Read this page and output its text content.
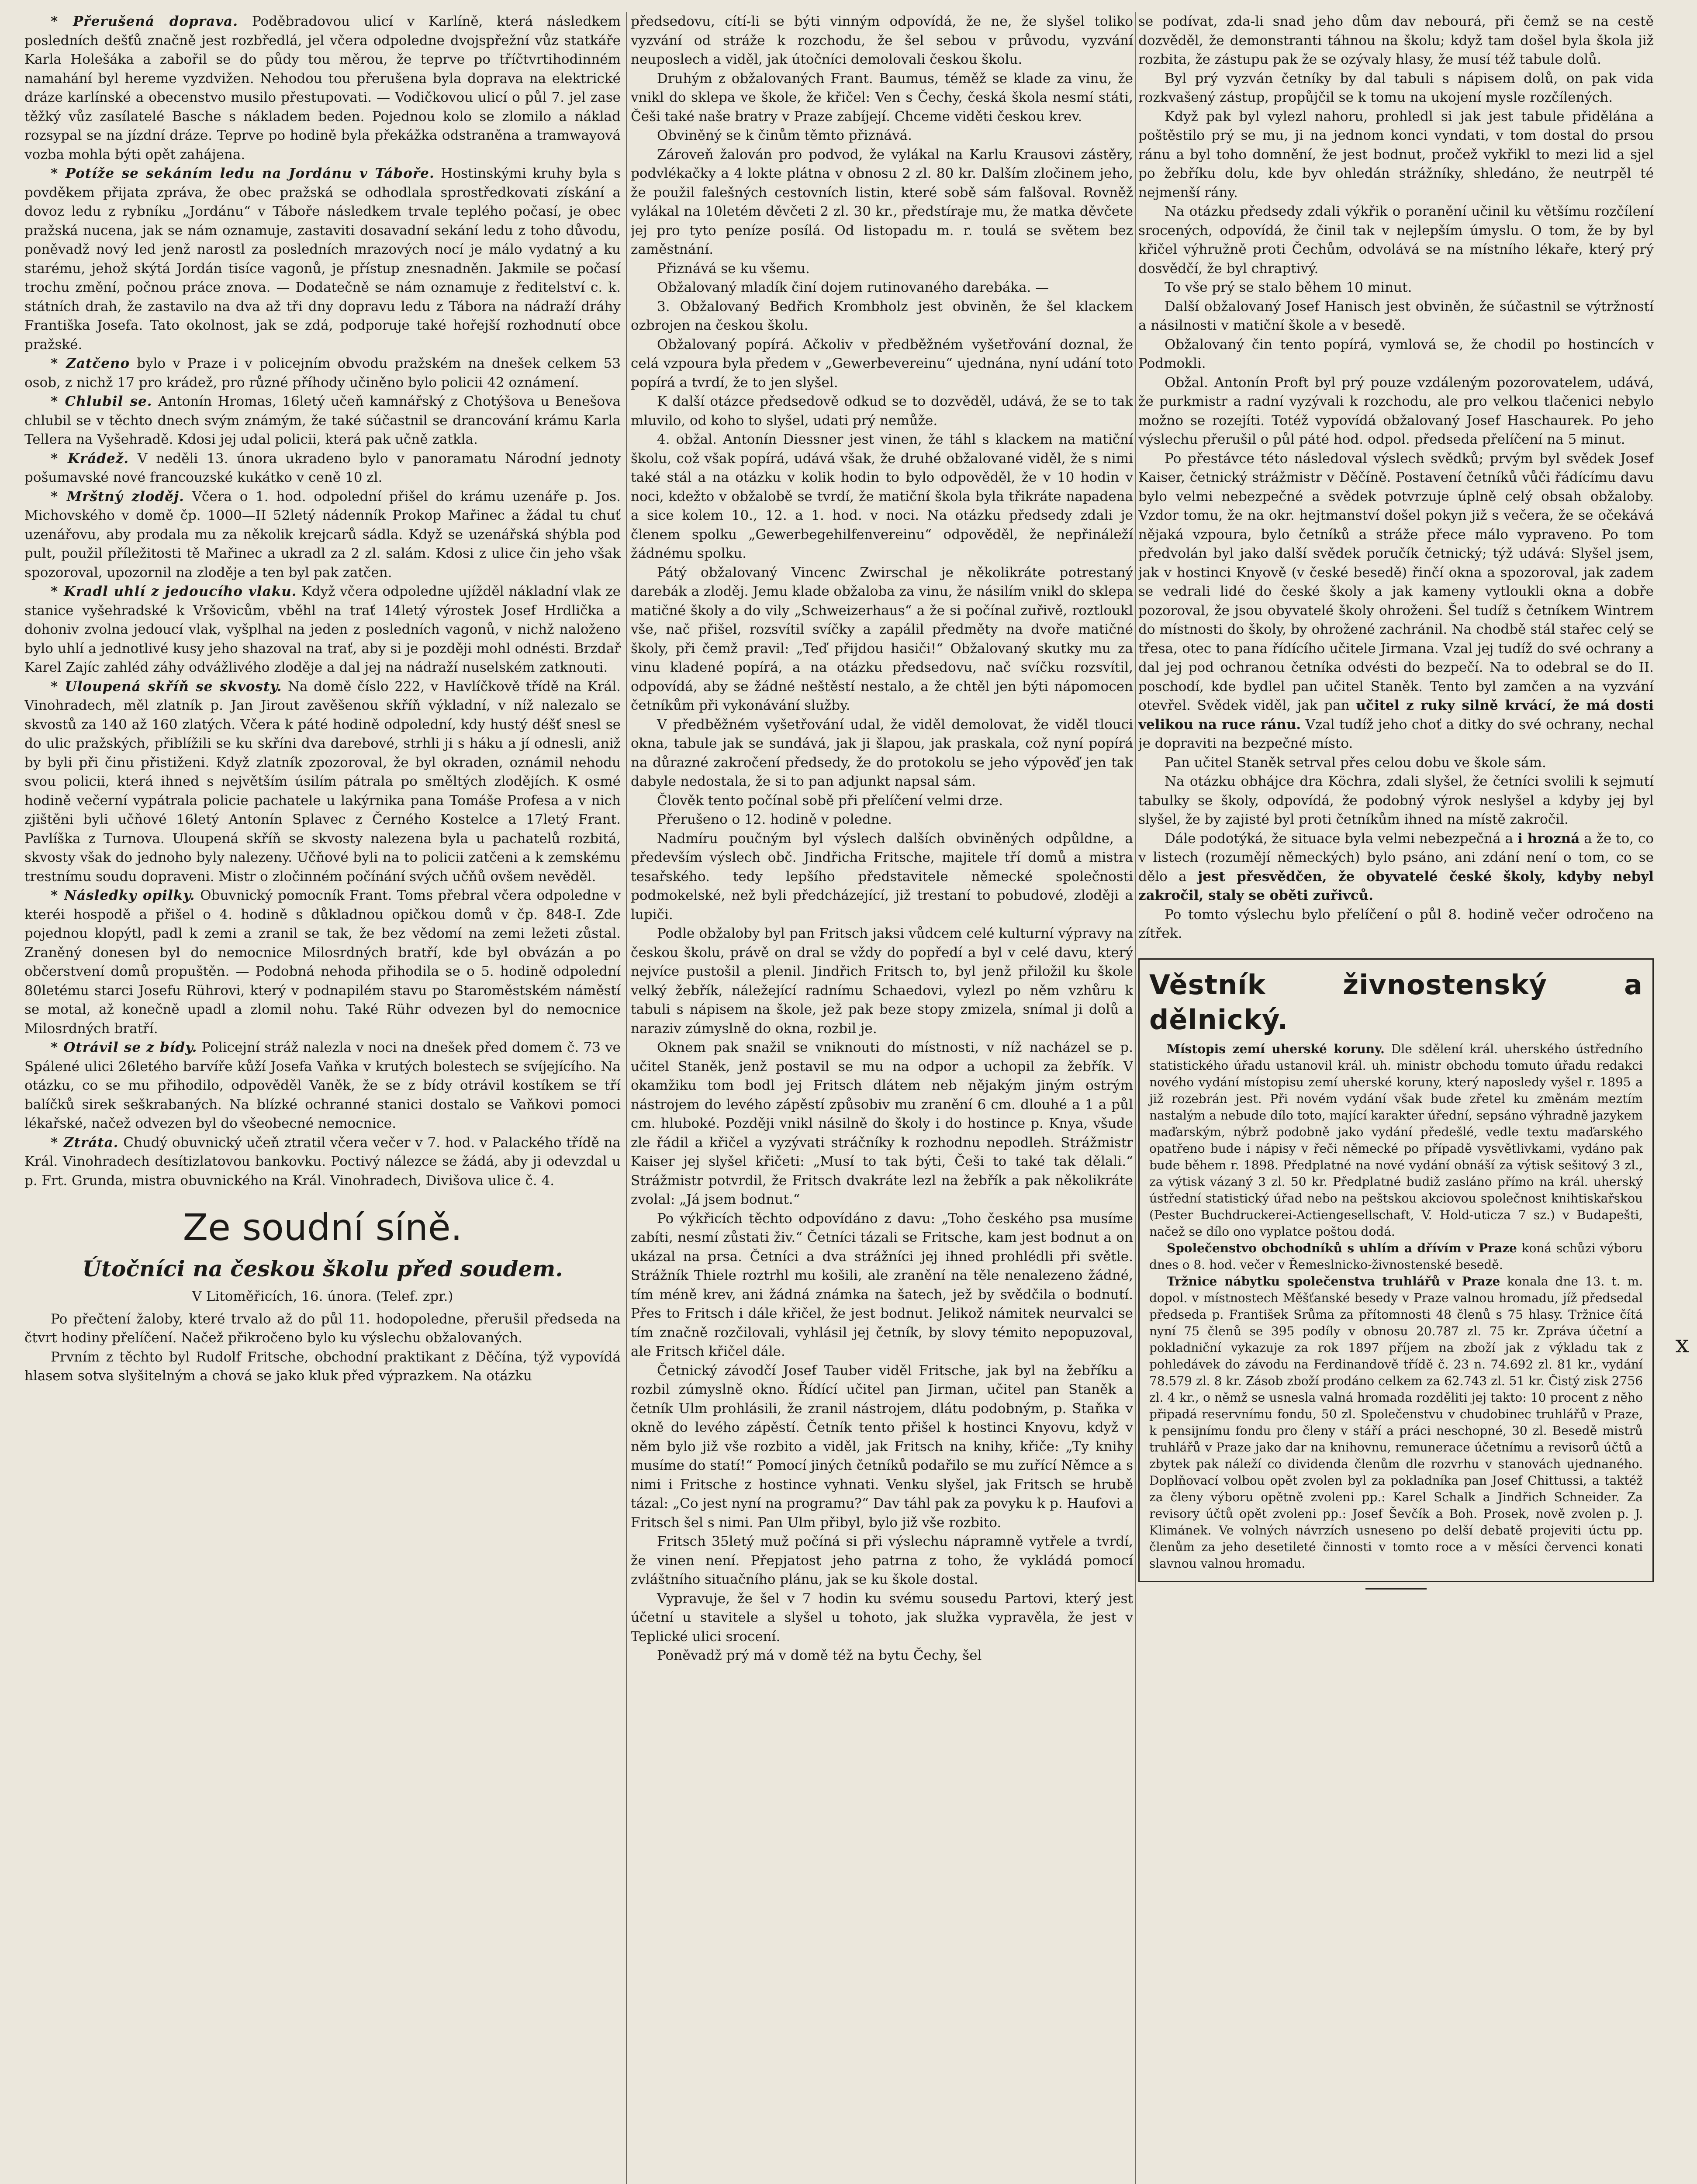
* Přerušená doprava. Poděbradovou ulicí v Karlíně, která následkem posledních dešťů značně jest rozbředlá, jel včera odpoledne dvojspřežní vůz statkáře Karla Holešáka a zabořil se do půdy tou měrou, že teprve po tříčtvrtihodinném namahání byl hereme vyzdvižen. Nehodou tou přerušena byla doprava na elektrické dráze karlínské a obecenstvo musilo přestupovati. — Vodičkovou ulicí o půl 7. jel zase těžký vůz zasílatelé Basche s nákladem beden. Pojednou kolo se zlomilo a náklad rozsypal se na jízdní dráze. Teprve po hodině byla překážka odstraněna a tramwayová vozba mohla býti opět zahájena.

* Potíže se sekáním ledu na Jordánu v Táboře. Hostinskými kruhy byla s povděkem přijata zpráva, že obec pražská se odhodlala sprostředkovati získání a dovoz ledu z rybníku „Jordánu“ v Táboře následkem trvale teplého počasí, je obec pražská nucena, jak se nám oznamuje, zastaviti dosavadní sekání ledu z toho důvodu, poněvadž nový led jenž narostl za posledních mrazových nocí je málo vydatný a ku starému, jehož skýtá Jordán tisíce vagonů, je přístup znesnadněn. Jakmile se počasí trochu změní, počnou práce znova. — Dodatečně se nám oznamuje z ředitelství c. k. státních drah, že zastavilo na dva až tři dny dopravu ledu z Tábora na nádraží dráhy Františka Josefa. Tato okolnost, jak se zdá, podporuje také hořejší rozhodnutí obce pražské.

* Zatčeno bylo v Praze i v policejním obvodu pražském na dnešek celkem 53 osob, z nichž 17 pro krádež, pro různé příhody učiněno bylo policii 42 oznámení.

* Chlubil se. Antonín Hromas, 16letý učeň kamnářský z Chotýšova u Benešova chlubil se v těchto dnech svým známým, že také súčastnil se drancování krámu Karla Tellera na Vyšehradě. Kdosi jej udal policii, která pak učně zatkla.

* Krádež. V neděli 13. února ukradeno bylo v panoramatu Národní jednoty pošumavské nové francouzské kukátko v ceně 10 zl.

* Mrštný zloděj. Včera o 1. hod. odpolední přišel do krámu uzenáře p. Jos. Michovského v domě čp. 1000—II 52letý nádenník Prokop Mařinec a žádal tu chuť uzenářovu, aby prodala mu za několik krejcarů sádla. Když se uzenářská shýbla pod pult, použil příležitosti tě Mařinec a ukradl za 2 zl. salám. Kdosi z ulice čin jeho však spozoroval, upozornil na zloděje a ten byl pak zatčen.

* Kradl uhlí z jedoucího vlaku. Když včera odpoledne ujížděl nákladní vlak ze stanice vyšehradské k Vršovicům, vběhl na trať 14letý výrostek Josef Hrdlička a dohoniv zvolna jedoucí vlak, vyšplhal na jeden z posledních vagonů, v nichž naloženo bylo uhlí a jednotlivé kusy jeho shazoval na trať, aby si je později mohl odnésti. Brzdař Karel Zajíc zahléd záhy odvážlivého zloděje a dal jej na nádraží nuselském zatknouti.

* Uloupená skříň se skvosty. Na domě číslo 222, v Havlíčkově třídě na Král. Vinohradech, měl zlatník p. Jan Jirout zavěšenou skříň výkladní, v níž nalezalo se skvostů za 140 až 160 zlatých. Včera k páté hodině odpolední, kdy hustý déšť snesl se do ulic pražských, přiblížili se ku skříni dva darebové, strhli ji s háku a jí odnesli, aniž by byli při činu přistiženi. Když zlatník zpozoroval, že byl okraden, oznámil nehodu svou policii, která ihned s největším úsilím pátrala po směltých zlodějích. K osmé hodině večerní vypátrala policie pachatele u lakýrnika pana Tomáše Profesa a v nich zjištěni byli učňové 16letý Antonín Splavec z Černého Kostelce a 17letý Frant. Pavlíška z Turnova. Uloupená skříň se skvosty nalezena byla u pachatelů rozbitá, skvosty však do jednoho byly nalezeny. Učňové byli na to policii zatčeni a k zemskému trestnímu soudu dopraveni. Mistr o zločinném počínání svých učňů ovšem nevěděl.

* Následky opilky. Obuvnický pomocník Frant. Toms přebral včera odpoledne v kteréi hospodě a přišel o 4. hodině s důkladnou opičkou domů v čp. 848-I. Zde pojednou klopýtl, padl k zemi a zranil se tak, že bez vědomí na zemi ležeti zůstal. Zraněný donesen byl do nemocnice Milosrdných bratří, kde byl obvázán a po občerstvení domů propuštěn. — Podobná nehoda přihodila se o 5. hodině odpolední 80letému starci Josefu Rührovi, který v podnapilém stavu po Staroměstském náměstí se motal, až konečně upadl a zlomil nohu. Také Rühr odvezen byl do nemocnice Milosrdných bratří.

* Otrávil se z bídy. Policejní stráž nalezla v noci na dnešek před domem č. 73 ve Spálené ulici 26letého barvíře kůží Josefa Vaňka v krutých bolestech se svíjejícího. Na otázku, co se mu přihodilo, odpověděl Vaněk, že se z bídy otrávil kostíkem se tří balíčků sirek seškrabaných. Na blízké ochranné stanici dostalo se Vaňkovi pomoci lékařské, načež odvezen byl do všeobecné nemocnice.

* Ztráta. Chudý obuvnický učeň ztratil včera večer v 7. hod. v Palackého třídě na Král. Vinohradech desítizlatovou bankovku. Poctivý nálezce se žádá, aby ji odevzdal u p. Frt. Grunda, mistra obuvnického na Král. Vinohradech, Divišova ulice č. 4.

Ze soudní síně.
Útočníci na českou školu před soudem.
V Litoměřicích, 16. února. (Telef. zpr.)

Po přečtení žaloby, které trvalo až do půl 11. hodopoledne, přerušil předseda na čtvrt hodiny přelíčení. Načež přikročeno bylo ku výslechu obžalovaných.

Prvním z těchto byl Rudolf Fritsche, obchodní praktikant z Děčína, týž vypovídá hlasem sotva slyšitelným a chová se jako kluk před výprazkem. Na otázku

předsedovu, cítí-li se býti vinným odpovídá, že ne, že slyšel toliko vyzvání od stráže k rozchodu, že šel sebou v průvodu, vyzvání neuposlech a viděl, jak útočníci demolovali českou školu.

Druhým z obžalovaných Frant. Baumus, téměž se klade za vinu, že vnikl do sklepa ve škole, že křičel: Ven s Čechy, česká škola nesmí státi, Češi také naše bratry v Praze zabíjejí. Chceme viděti českou krev.

Obviněný se k činům těmto přiznává.

Zároveň žalován pro podvod, že vylákal na Karlu Krausovi zástěry, podvlékačky a 4 lokte plátna v obnosu 2 zl. 80 kr. Dalším zločinem jeho, že použil falešných cestovních listin, které sobě sám falšoval. Rovněž vylákal na 10letém děvčeti 2 zl. 30 kr., předstíraje mu, že matka děvčete jej pro tyto peníze posílá. Od listopadu m. r. toulá se světem bez zaměstnání.

Přiznává se ku všemu.

Obžalovaný mladík činí dojem rutinovaného darebáka. —

3. Obžalovaný Bedřich Krombholz jest obviněn, že šel klackem ozbrojen na českou školu.

Obžalovaný popírá. Ačkoliv v předběžném vyšetřování doznal, že celá vzpoura byla předem v „Gewerbevereinu“ ujednána, nyní udání toto popírá a tvrdí, že to jen slyšel.

K další otázce předsedově odkud se to dozvěděl, udává, že se to tak mluvilo, od koho to slyšel, udati prý nemůže.

4. obžal. Antonín Diessner jest vinen, že táhl s klackem na matiční školu, což však popírá, udává však, že druhé obžalované viděl, že s nimi také stál a na otázku v kolik hodin to bylo odpověděl, že v 10 hodin v noci, kdežto v obžalobě se tvrdí, že matiční škola byla třikráte napadena a sice kolem 10., 12. a 1. hod. v noci. Na otázku předsedy zdali je členem spolku „Gewerbegehilfenvereinu“ odpověděl, že nepřináleží žádnému spolku.

Pátý obžalovaný Vincenc Zwirschal je několikráte potrestaný darebák a zloděj. Jemu klade obžaloba za vinu, že násilím vnikl do sklepa matičné školy a do vily „Schweizerhaus“ a že si počínal zuřivě, roztloukl vše, nač přišel, rozsvítil svíčky a zapálil předměty na dvoře matičné školy, při čemž pravil: „Teď přijdou hasiči!“ Obžalovaný skutky mu za vinu kladené popírá, a na otázku předsedovu, nač svíčku rozsvítil, odpovídá, aby se žádné neštěstí nestalo, a že chtěl jen býti nápomocen četníkům při vykonávání služby.

V předběžném vyšetřování udal, že viděl demolovat, že viděl tlouci okna, tabule jak se sundává, jak ji šlapou, jak praskala, což nyní popírá na důrazné zakročení předsedy, že do protokolu se jeho výpověď jen tak dabyle nedostala, že si to pan adjunkt napsal sám.

Člověk tento počínal sobě při přelíčení velmi drze.

Přerušeno o 12. hodině v poledne.

Nadmíru poučným byl výslech dalších obviněných odpůldne, a především výslech obč. Jindřicha Fritsche, majitele tří domů a mistra tesařského. tedy lepšího představitele německé společnosti podmokelské, než byli předcházející, již trestaní to pobudové, zloději a lupiči.

Podle obžaloby byl pan Fritsch jaksi vůdcem celé kulturní výpravy na českou školu, právě on dral se vždy do popředí a byl v celé davu, který nejvíce pustošil a plenil. Jindřich Fritsch to, byl jenž přiložil ku škole velký žebřík, náležející radnímu Schaedovi, vylezl po něm vzhůru k tabuli s nápisem na škole, jež pak beze stopy zmizela, snímal ji dolů a naraziv zúmyslně do okna, rozbil je.

Oknem pak snažil se vniknouti do místnosti, v níž nacházel se p. učitel Staněk, jenž postavil se mu na odpor a uchopil za žebřík. V okamžiku tom bodl jej Fritsch dlátem neb nějakým jiným ostrým nástrojem do levého zápěstí způsobiv mu zranění 6 cm. dlouhé a 1 a půl cm. hluboké. Později vnikl násilně do školy i do hostince p. Knya, všude zle řádil a křičel a vyzývati stráčníky k rozhodnu nepodleh. Strážmistr Kaiser jej slyšel křičeti: „Musí to tak býti, Češi to také tak dělali.“ Strážmistr potvrdil, že Fritsch dvakráte lezl na žebřík a pak několikráte zvolal: „Já jsem bodnut.“

Po výkřicích těchto odpovídáno z davu: „Toho českého psa musíme zabíti, nesmí zůstati živ.“ Četníci tázali se Fritsche, kam jest bodnut a on ukázal na prsa. Četníci a dva strážníci jej ihned prohlédli při světle. Strážník Thiele roztrhl mu košili, ale zranění na těle nenalezeno žádné, tím méně krev, ani žádná známka na šatech, jež by svědčila o bodnutí. Přes to Fritsch i dále křičel, že jest bodnut. Jelikož námitek neurvalci se tím značně rozčilovali, vyhlásil jej četník, by slovy témito nepopuzoval, ale Fritsch křičel dále.

Četnický závodčí Josef Tauber viděl Fritsche, jak byl na žebříku a rozbil zúmyslně okno. Řídící učitel pan Jirman, učitel pan Staněk a četník Ulm prohlásili, že zranil nástrojem, dlátu podobným, p. Staňka v okně do levého zápěstí. Četník tento přišel k hostinci Knyovu, když v něm bylo již vše rozbito a viděl, jak Fritsch na knihy, křiče: „Ty knihy musíme do statí!“ Pomocí jiných četníků podařilo se mu zuřící Němce a s nimi i Fritsche z hostince vyhnati. Venku slyšel, jak Fritsch se hrubě tázal: „Co jest nyní na programu?“ Dav táhl pak za povyku k p. Haufovi a Fritsch šel s nimi. Pan Ulm přibyl, bylo již vše rozbito.

Fritsch 35letý muž počíná si při výslechu nápramně vytřele a tvrdí, že vinen není. Přepjatost jeho patrna z toho, že vykládá pomocí zvláštního situačního plánu, jak se ku škole dostal.

Vypravuje, že šel v 7 hodin ku svému sousedu Partovi, který jest účetní u stavitele a slyšel u tohoto, jak služka vypravěla, že jest v Teplické ulici srocení.

Poněvadž prý má v domě též na bytu Čechy, šel

se podívat, zda-li snad jeho dům dav nebourá, při čemž se na cestě dozvěděl, že demonstranti táhnou na školu; když tam došel byla škola již rozbita, že zástupu pak že se ozývaly hlasy, že musí též tabule dolů.

Byl prý vyzván četníky by dal tabuli s nápisem dolů, on pak vida rozkvašený zástup, propůjčil se k tomu na ukojení mysle rozčílených.

Když pak byl vylezl nahoru, prohledl si jak jest tabule přidělána a poštěstilo prý se mu, ji na jednom konci vyndati, v tom dostal do prsou ránu a byl toho domnění, že jest bodnut, pročež vykřikl to mezi lid a sjel po žebříku dolu, kde byv ohledán strážníky, shledáno, že neutrpěl té nejmenší rány.

Na otázku předsedy zdali výkřik o poranění učinil ku většímu rozčílení srocených, odpovídá, že činil tak v nejlepším úmyslu. O tom, že by byl křičel výhružně proti Čechům, odvolává se na místního lékaře, který prý dosvědčí, že byl chraptivý.

To vše prý se stalo během 10 minut.

Další obžalovaný Josef Hanisch jest obviněn, že súčastnil se výtržností a násilnosti v matiční škole a v besedě.

Obžalovaný čin tento popírá, vymlová se, že chodil po hostincích v Podmokli.

Obžal. Antonín Proft byl prý pouze vzdáleným pozorovatelem, udává, že purkmistr a radní vyzývali k rozchodu, ale pro velkou tlačenici nebylo možno se rozejíti. Totéž vypovídá obžalovaný Josef Haschaurek. Po jeho výslechu přerušil o půl páté hod. odpol. předseda přelíčení na 5 minut.

Po přestávce této následoval výslech svědků; prvým byl svědek Josef Kaiser, četnický strážmistr v Děčíně. Postavení četníků vůči řádícímu davu bylo velmi nebezpečné a svědek potvrzuje úplně celý obsah obžaloby. Vzdor tomu, že na okr. hejtmanství došel pokyn již s večera, že se očekává nějaká vzpoura, bylo četníků a stráže přece málo vypraveno. Po tom předvolán byl jako další svědek poručík četnický; týž udává: Slyšel jsem, jak v hostinci Knyově (v české besedě) řinčí okna a spozoroval, jak zadem se vedrali lidé do české školy a jak kameny vytloukli okna a dobře pozoroval, že jsou obyvatelé školy ohroženi. Šel tudíž s četníkem Wintrem do místnosti do školy, by ohrožené zachránil. Na chodbě stál stařec celý se třesa, otec to pana řídícího učitele Jirmana. Vzal jej tudíž do své ochrany a dal jej pod ochranou četníka odvésti do bezpečí. Na to odebral se do II. poschodí, kde bydlel pan učitel Staněk. Tento byl zamčen a na vyzvání otevřel. Svědek viděl, jak pan učitel z ruky silně krvácí, že má dosti velikou na ruce ránu. Vzal tudíž jeho choť a ditky do své ochrany, nechal je dopraviti na bezpečné místo.

Pan učitel Staněk setrval přes celou dobu ve škole sám.

Na otázku obhájce dra Köchra, zdali slyšel, že četníci svolili k sejmutí tabulky se školy, odpovídá, že podobný výrok neslyšel a kdyby jej byl slyšel, že by zajisté byl proti četníkům ihned na místě zakročil.

Dále podotýká, že situace byla velmi nebezpečná a i hrozná a že to, co v listech (rozumějí německých) bylo psáno, ani zdání není o tom, co se dělo a jest přesvědčen, že obyvatelé české školy, kdyby nebyl zakročil, staly se oběti zuřivců.

Po tomto výslechu bylo přelíčení o půl 8. hodině večer odročeno na zítřek.

Věstník živnostenský a dělnický.

Místopis zemí uherské koruny. Dle sdělení král. uherského ústředního statistického úřadu ustanovil král. uh. ministr obchodu tomuto úřadu redakci nového vydání místopisu zemí uherské koruny, který naposledy vyšel r. 1895 a již rozebrán jest. Při novém vydání však bude zřetel ku změnám meztím nastalým a nebude dílo toto, mající karakter úřední, sepsáno výhradně jazykem maďarským, nýbrž podobně jako vydání předešlé, vedle textu maďarského opatřeno bude i nápisy v řeči německé po případě vysvětlivkami, vydáno pak bude během r. 1898. Předplatné na nové vydání obnáší za výtisk sešitový 3 zl., za výtisk vázaný 3 zl. 50 kr. Předplatné budiž zasláno přímo na král. uherský ústřední statistický úřad nebo na peštskou akciovou společnost knihtiskařskou (Pester Buchdruckerei-Actiengesellschaft, V. Hold-uticza 7 sz.) v Budapešti, načež se dílo ono vyplatce poštou dodá.

Společenstvo obchodníků s uhlím a dřívím v Praze koná schůzi výboru dnes o 8. hod. večer v Řemeslnicko-živnostenské besedě.

Tržnice nábytku společenstva truhlářů v Praze konala dne 13. t. m. dopol. v místnostech Měšťanské besedy v Praze valnou hromadu, jíž předsedal předseda p. František Srůma za přítomnosti 48 členů s 75 hlasy. Tržnice čítá nyní 75 členů se 395 podíly v obnosu 20.787 zl. 75 kr. Zpráva účetní a pokladniční vykazuje za rok 1897 příjem na zboží jak z výkladu tak z pohledávek do závodu na Ferdinandově třídě č. 23 n. 74.692 zl. 81 kr., vydání 78.579 zl. 8 kr. Zásob zboží prodáno celkem za 62.743 zl. 51 kr. Čistý zisk 2756 zl. 4 kr., o němž se usnesla valná hromada rozděliti jej takto: 10 procent z něho připadá reservnímu fondu, 50 zl. Společenstvu v chudobinec truhlářů v Praze, k pensijnímu fondu pro členy v stáří a práci neschopné, 30 zl. Besedě mistrů truhlářů v Praze jako dar na knihovnu, remunerace účetnímu a revisorů účtů a zbytek pak náleží co dividenda členům dle rozvrhu v stanovách ujednaného. Doplňovací volbou opět zvolen byl za pokladníka pan Josef Chittussi, a taktéž za členy výboru opětně zvoleni pp.: Karel Schalk a Jindřich Schneider. Za revisory účtů opět zvoleni pp.: Josef Ševčík a Boh. Prosek, nově zvolen p. J. Klimánek. Ve volných návrzích usneseno po delší debatě projeviti úctu pp. členům za jeho desetileté činnosti v tomto roce a v měsíci červenci konati slavnou valnou hromadu.

x
